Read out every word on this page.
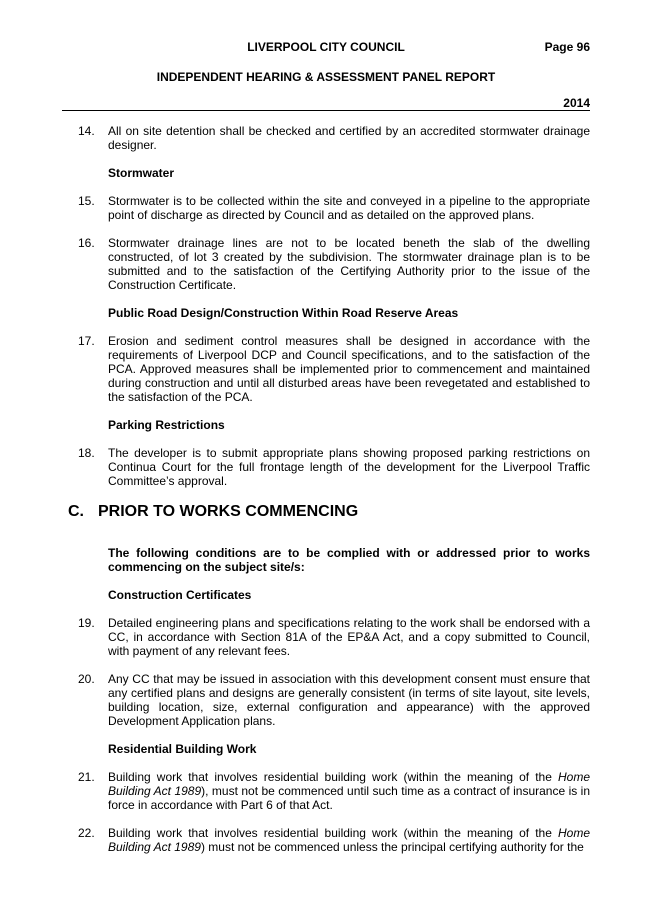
LIVERPOOL CITY COUNCIL	Page 96
INDEPENDENT HEARING & ASSESSMENT PANEL REPORT
2014
14. All on site detention shall be checked and certified by an accredited stormwater drainage designer.
Stormwater
15. Stormwater is to be collected within the site and conveyed in a pipeline to the appropriate point of discharge as directed by Council and as detailed on the approved plans.
16. Stormwater drainage lines are not to be located beneth the slab of the dwelling constructed, of lot 3 created by the subdivision. The stormwater drainage plan is to be submitted and to the satisfaction of the Certifying Authority prior to the issue of the Construction Certificate.
Public Road Design/Construction Within Road Reserve Areas
17. Erosion and sediment control measures shall be designed in accordance with the requirements of Liverpool DCP and Council specifications, and to the satisfaction of the PCA. Approved measures shall be implemented prior to commencement and maintained during construction and until all disturbed areas have been revegetated and established to the satisfaction of the PCA.
Parking Restrictions
18. The developer is to submit appropriate plans showing proposed parking restrictions on Continua Court for the full frontage length of the development for the Liverpool Traffic Committee’s approval.
C. PRIOR TO WORKS COMMENCING
The following conditions are to be complied with or addressed prior to works commencing on the subject site/s:
Construction Certificates
19. Detailed engineering plans and specifications relating to the work shall be endorsed with a CC, in accordance with Section 81A of the EP&A Act, and a copy submitted to Council, with payment of any relevant fees.
20. Any CC that may be issued in association with this development consent must ensure that any certified plans and designs are generally consistent (in terms of site layout, site levels, building location, size, external configuration and appearance) with the approved Development Application plans.
Residential Building Work
21. Building work that involves residential building work (within the meaning of the Home Building Act 1989), must not be commenced until such time as a contract of insurance is in force in accordance with Part 6 of that Act.
22. Building work that involves residential building work (within the meaning of the Home Building Act 1989) must not be commenced unless the principal certifying authority for the
